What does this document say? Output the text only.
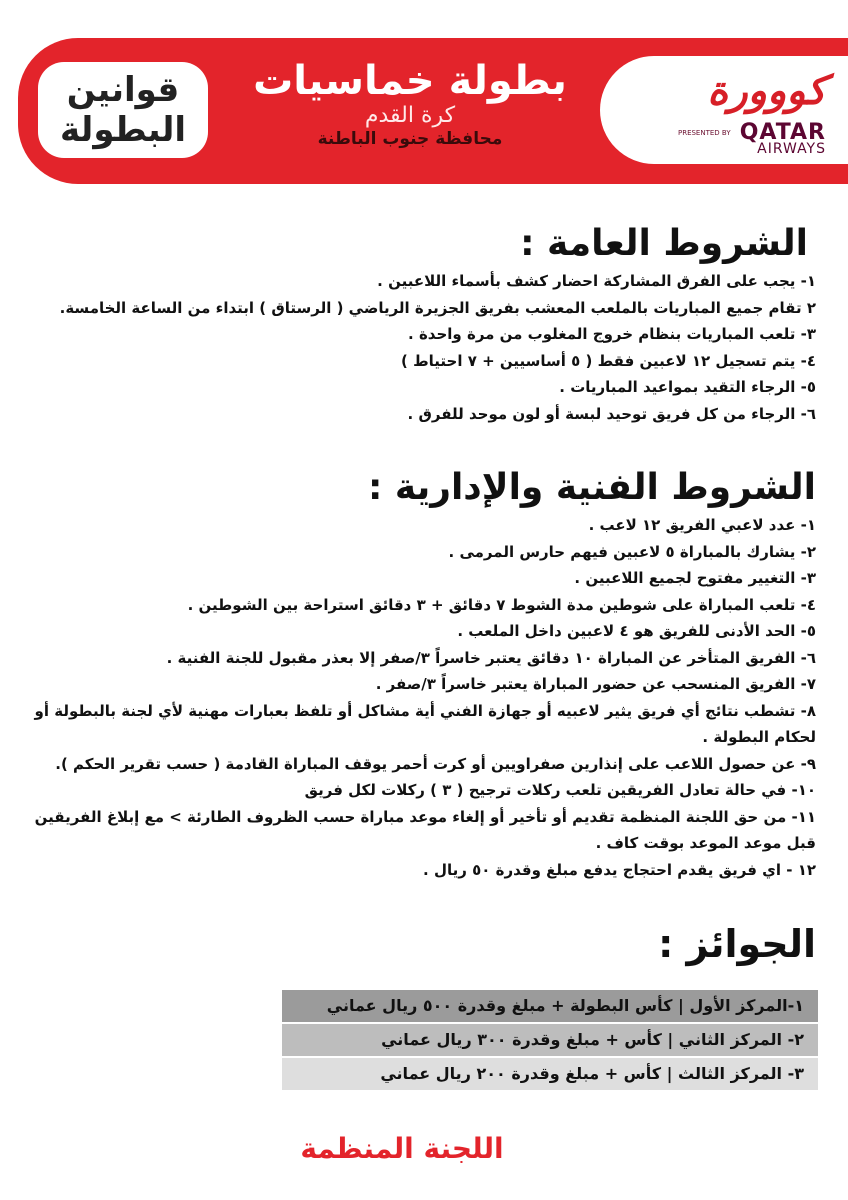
قوانين
البطولة
بطولة خماسيات
كرة القدم
محافظة جنوب الباطنة
كووورة
PRESENTED BY QATAR
AIRWAYS
الشروط العامة :
١- يجب على الفرق المشاركة احضار كشف بأسماء اللاعبين .
٢ تقام جميع المباريات بالملعب المعشب بفريق الجزيرة الرياضي ( الرستاق ) ابتداء من الساعة الخامسة.
٣- تلعب المباريات بنظام خروج المغلوب من مرة واحدة .
٤- يتم تسجيل ١٢ لاعبين فقط ( ٥ أساسيين + ٧ احتياط )
٥- الرجاء التقيد بمواعيد المباريات .
٦- الرجاء من كل فريق توحيد لبسة أو لون موحد للفرق .
الشروط الفنية والإدارية :
١- عدد لاعبي الفريق ١٢ لاعب .
٢- يشارك بالمباراة ٥ لاعبين فيهم حارس المرمى .
٣- التغيير مفتوح لجميع اللاعبين .
٤- تلعب المباراة على شوطين مدة الشوط ٧ دقائق + ٣ دقائق استراحة بين الشوطين .
٥- الحد الأدنى للفريق هو ٤ لاعبين داخل الملعب .
٦- الفريق المتأخر عن المباراة ١٠ دقائق يعتبر خاسراً ٣/صفر إلا بعذر مقبول للجنة الفنية .
٧- الفريق المنسحب عن حضور المباراة يعتبر خاسراً ٣/صفر .
٨- تشطب نتائج أي فريق يثير لاعبيه أو جهازة الفني أية مشاكل أو تلفظ بعبارات مهنية لأي لجنة بالبطولة أو لحكام البطولة .
٩- عن حصول اللاعب على إنذارين صفراويين أو كرت أحمر يوقف المباراة القادمة ( حسب تقرير الحكم ).
١٠- في حالة تعادل الفريقين تلعب ركلات ترجيح ( ٣ ) ركلات لكل فريق
١١- من حق اللجنة المنظمة تقديم أو تأخير أو إلغاء موعد مباراة حسب الظروف الطارئة > مع إبلاغ الفريقين قبل موعد الموعد بوقت كاف .
١٢ - اي فريق يقدم احتجاج يدفع مبلغ وقدرة ٥٠ ريال .
الجوائز :
١-المركز الأول | كأس البطولة + مبلغ وقدرة ٥٠٠ ريال عماني
٢- المركز الثاني | كأس + مبلغ وقدرة ٣٠٠ ريال عماني
٣- المركز الثالث | كأس + مبلغ وقدرة ٢٠٠ ريال عماني
اللجنة المنظمة
